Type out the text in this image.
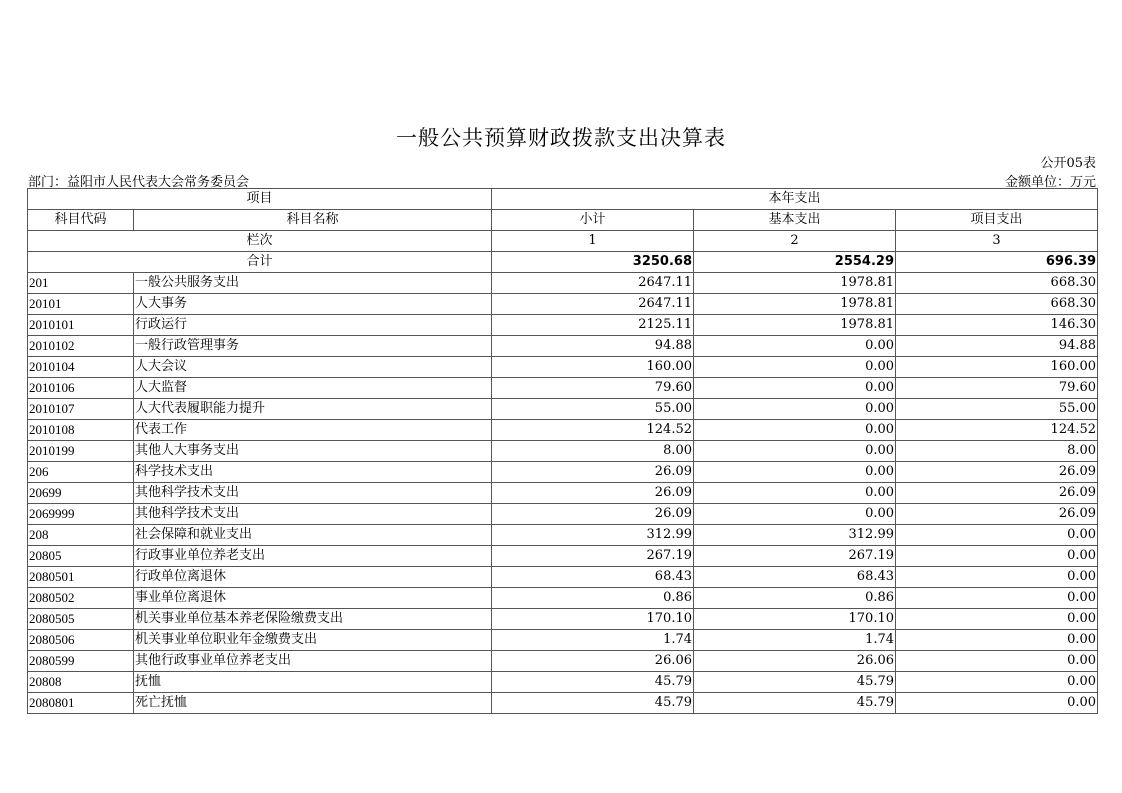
一般公共预算财政拨款支出决算表
公开05表
部门：益阳市人民代表大会常务委员会	金额单位：万元
项目		本年支出		
科目代码	科目名称	小计	基本支出	项目支出
栏次		1	2	3
合计		3250.68	2554.29	696.39
201	一般公共服务支出	2647.11	1978.81	668.30
20101	人大事务	2647.11	1978.81	668.30
2010101	行政运行	2125.11	1978.81	146.30
2010102	一般行政管理事务	94.88	0.00	94.88
2010104	人大会议	160.00	0.00	160.00
2010106	人大监督	79.60	0.00	79.60
2010107	人大代表履职能力提升	55.00	0.00	55.00
2010108	代表工作	124.52	0.00	124.52
2010199	其他人大事务支出	8.00	0.00	8.00
206	科学技术支出	26.09	0.00	26.09
20699	其他科学技术支出	26.09	0.00	26.09
2069999	其他科学技术支出	26.09	0.00	26.09
208	社会保障和就业支出	312.99	312.99	0.00
20805	行政事业单位养老支出	267.19	267.19	0.00
2080501	行政单位离退休	68.43	68.43	0.00
2080502	事业单位离退休	0.86	0.86	0.00
2080505	机关事业单位基本养老保险缴费支出	170.10	170.10	0.00
2080506	机关事业单位职业年金缴费支出	1.74	1.74	0.00
2080599	其他行政事业单位养老支出	26.06	26.06	0.00
20808	抚恤	45.79	45.79	0.00
2080801	死亡抚恤	45.79	45.79	0.00
